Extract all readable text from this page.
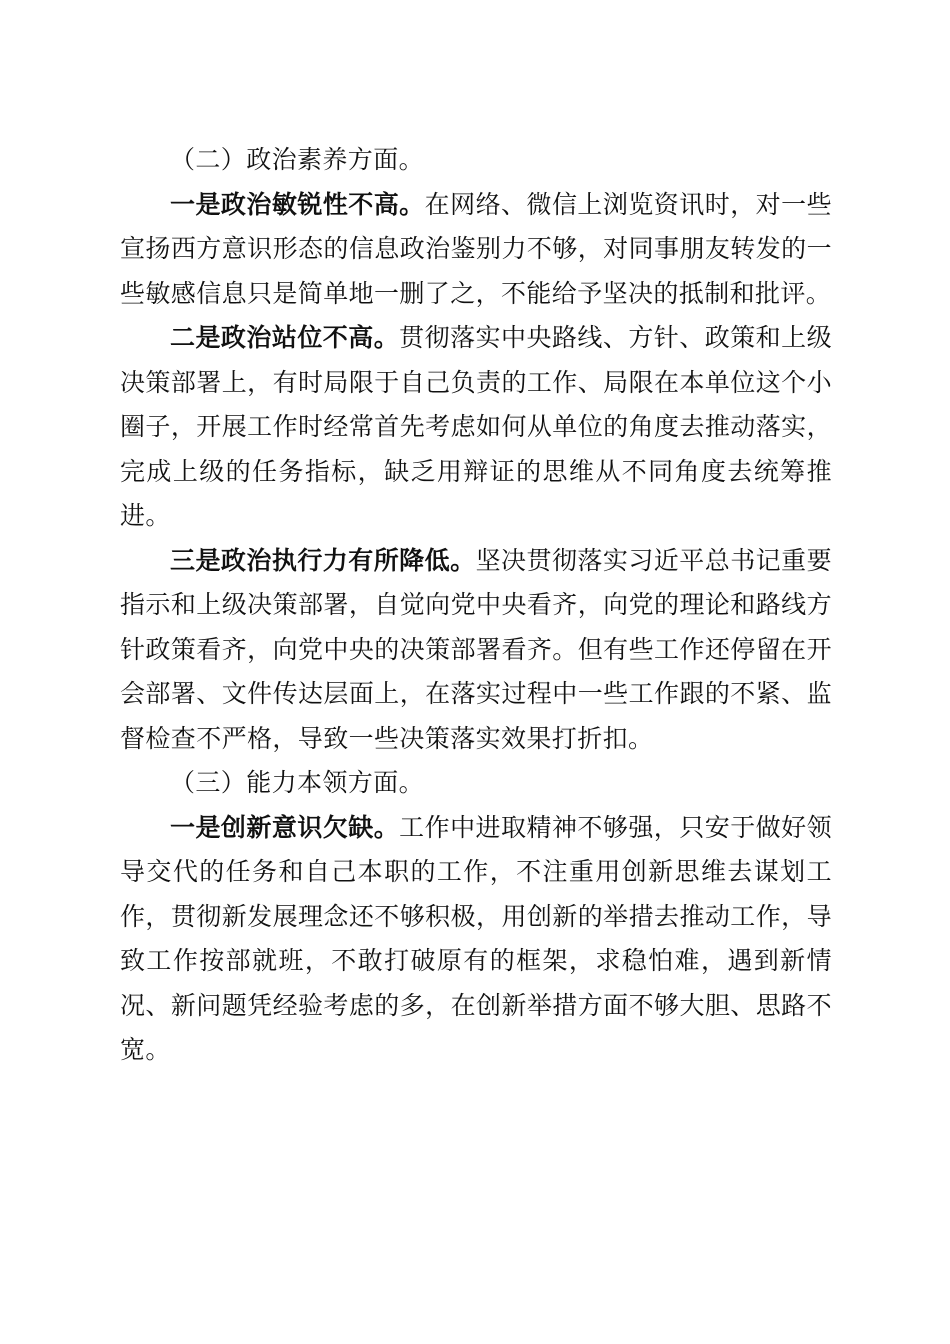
（二）政治素养方面。

一是政治敏锐性不高。在网络、微信上浏览资讯时，对一些宣扬西方意识形态的信息政治鉴别力不够，对同事朋友转发的一些敏感信息只是简单地一删了之，不能给予坚决的抵制和批评。

二是政治站位不高。贯彻落实中央路线、方针、政策和上级决策部署上，有时局限于自己负责的工作、局限在本单位这个小圈子，开展工作时经常首先考虑如何从单位的角度去推动落实，完成上级的任务指标，缺乏用辩证的思维从不同角度去统筹推进。

三是政治执行力有所降低。坚决贯彻落实习近平总书记重要指示和上级决策部署，自觉向党中央看齐，向党的理论和路线方针政策看齐，向党中央的决策部署看齐。但有些工作还停留在开会部署、文件传达层面上，在落实过程中一些工作跟的不紧、监督检查不严格，导致一些决策落实效果打折扣。

（三）能力本领方面。

一是创新意识欠缺。工作中进取精神不够强，只安于做好领导交代的任务和自己本职的工作，不注重用创新思维去谋划工作，贯彻新发展理念还不够积极，用创新的举措去推动工作，导致工作按部就班，不敢打破原有的框架，求稳怕难，遇到新情况、新问题凭经验考虑的多，在创新举措方面不够大胆、思路不宽。
